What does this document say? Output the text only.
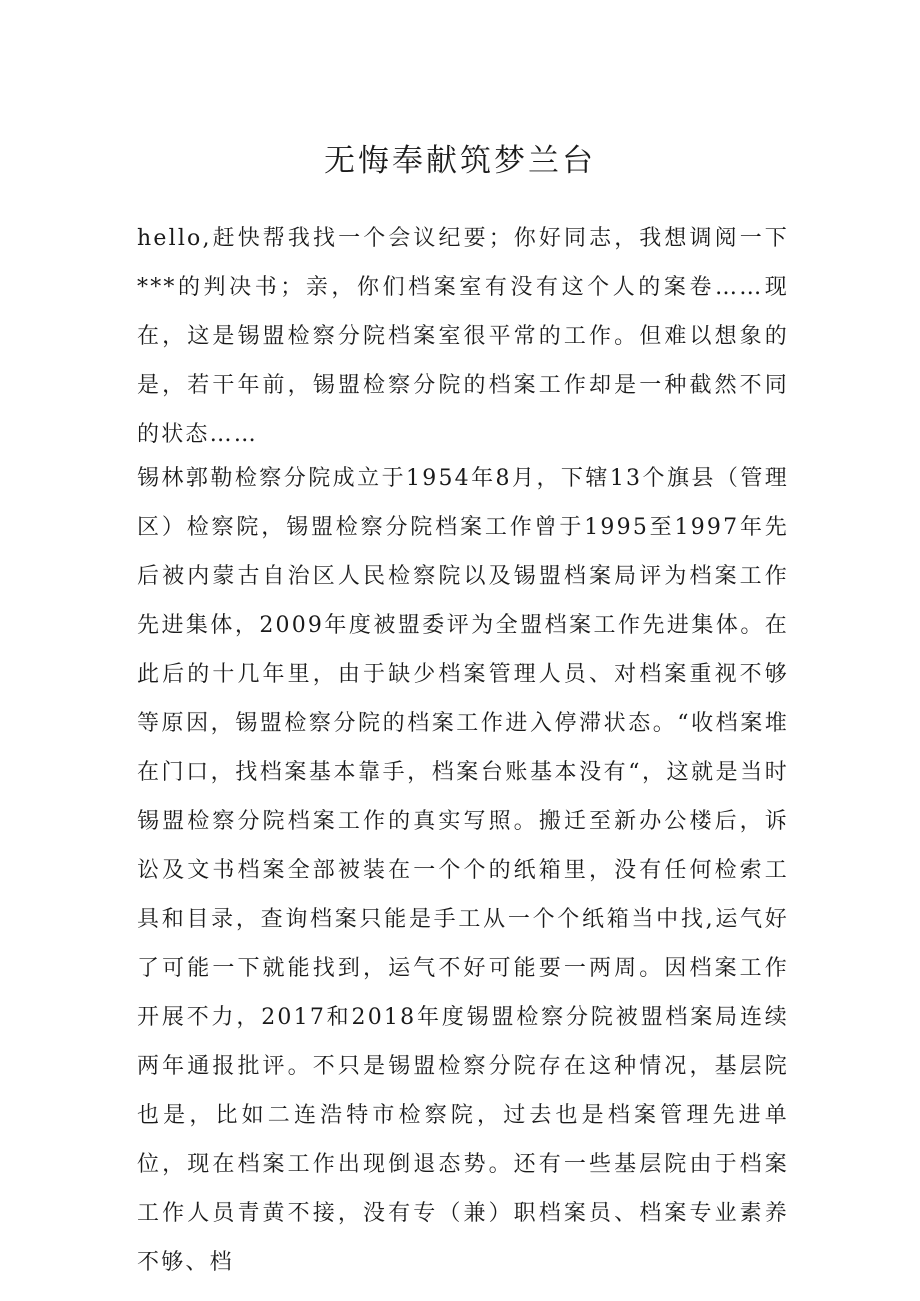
无悔奉献筑梦兰台

hello,赶快帮我找一个会议纪要；你好同志，我想调阅一下***的判决书；亲，你们档案室有没有这个人的案卷……现在，这是锡盟检察分院档案室很平常的工作。但难以想象的是，若干年前，锡盟检察分院的档案工作却是一种截然不同的状态……

锡林郭勒检察分院成立于1954年8月，下辖13个旗县（管理区）检察院，锡盟检察分院档案工作曾于1995至1997年先后被内蒙古自治区人民检察院以及锡盟档案局评为档案工作先进集体，2009年度被盟委评为全盟档案工作先进集体。在此后的十几年里，由于缺少档案管理人员、对档案重视不够等原因，锡盟检察分院的档案工作进入停滞状态。“收档案堆在门口，找档案基本靠手，档案台账基本没有“，这就是当时锡盟检察分院档案工作的真实写照。搬迁至新办公楼后，诉讼及文书档案全部被装在一个个的纸箱里，没有任何检索工具和目录，查询档案只能是手工从一个个纸箱当中找,运气好了可能一下就能找到，运气不好可能要一两周。因档案工作开展不力，2017和2018年度锡盟检察分院被盟档案局连续两年通报批评。不只是锡盟检察分院存在这种情况，基层院也是，比如二连浩特市检察院，过去也是档案管理先进单位，现在档案工作出现倒退态势。还有一些基层院由于档案工作人员青黄不接，没有专（兼）职档案员、档案专业素养不够、档
